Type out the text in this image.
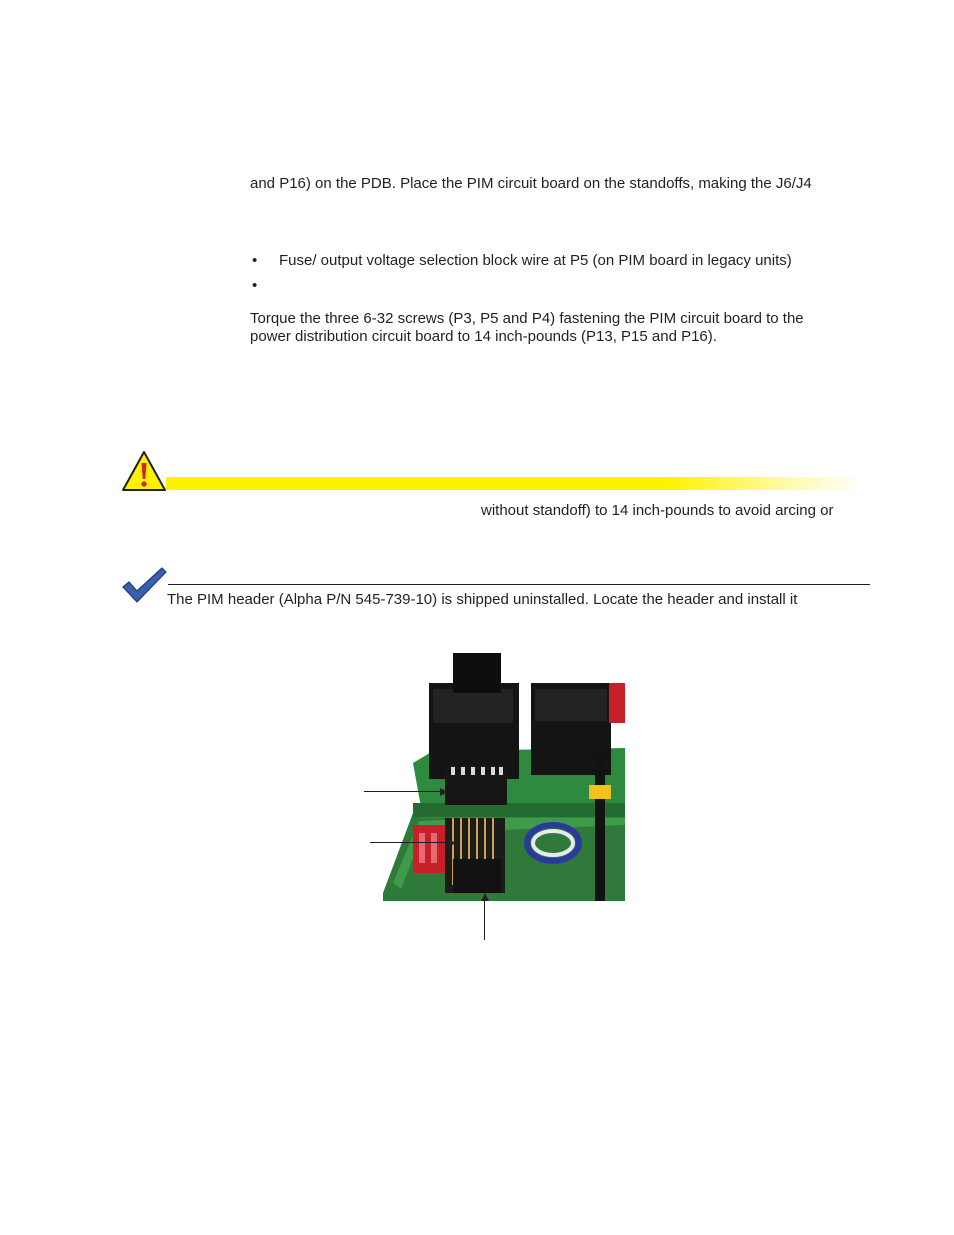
and P16) on the PDB. Place the PIM circuit board on the standoffs, making the J6/J4
• Fuse/ output voltage selection block wire at P5 (on PIM board in legacy units)
•
Torque the three 6-32 screws (P3, P5 and P4) fastening the PIM circuit board to the
power distribution circuit board to 14 inch-pounds (P13, P15 and P16).
without standoff) to 14 inch-pounds to avoid arcing or
The PIM header (Alpha P/N 545-739-10) is shipped uninstalled. Locate the header and install it
